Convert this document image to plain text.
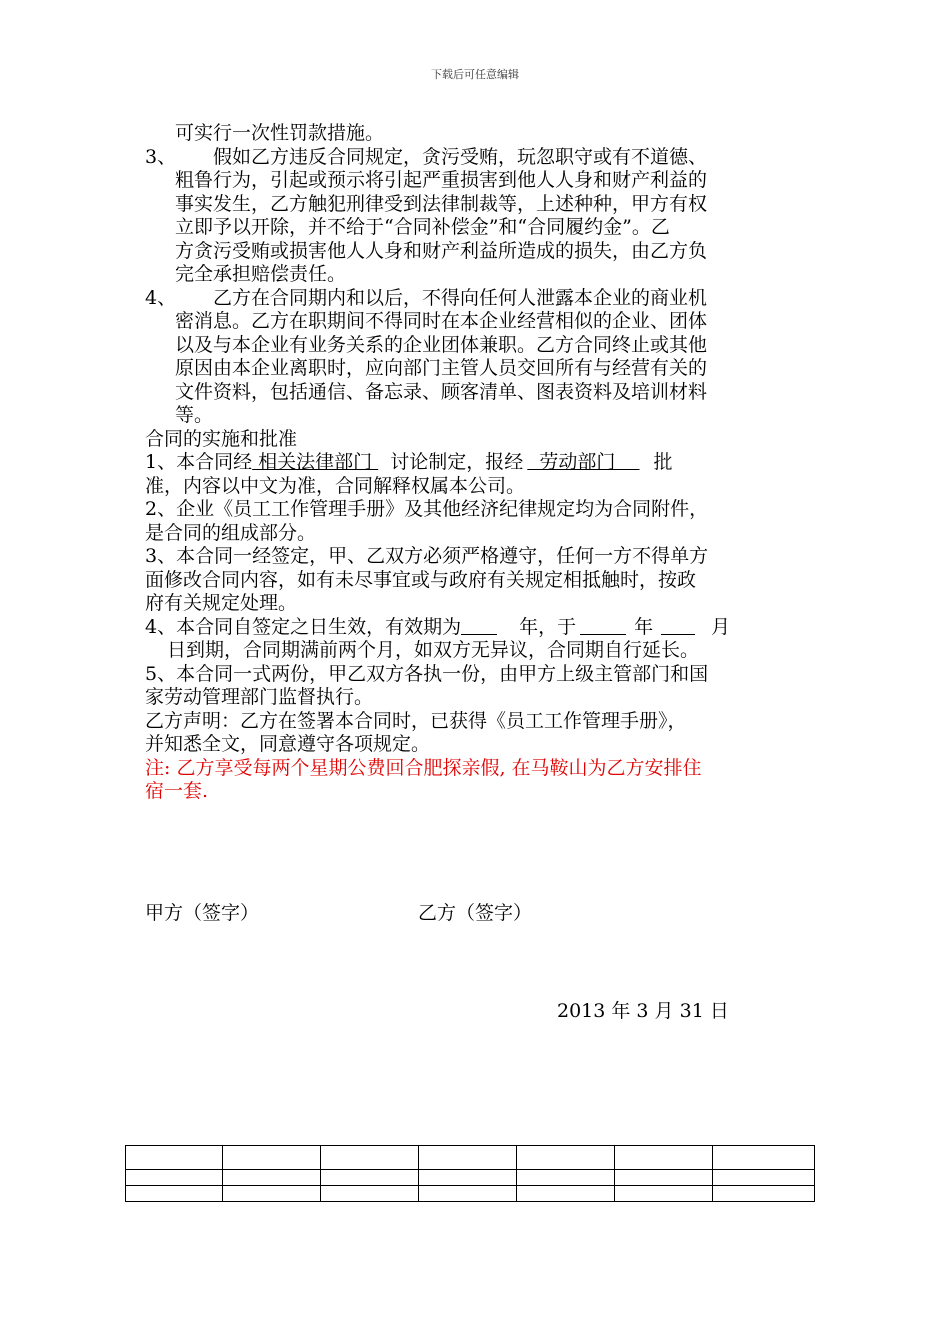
下载后可任意编辑
可实行一次性罚款措施。
3、 假如乙方违反合同规定，贪污受贿，玩忽职守或有不道德、
粗鲁行为，引起或预示将引起严重损害到他人人身和财产利益的
事实发生，乙方触犯刑律受到法律制裁等，上述种种，甲方有权
立即予以开除，并不给于“合同补偿金”和“合同履约金”。乙
方贪污受贿或损害他人人身和财产利益所造成的损失，由乙方负
完全承担赔偿责任。
4、 乙方在合同期内和以后，不得向任何人泄露本企业的商业机
密消息。乙方在职期间不得同时在本企业经营相似的企业、团体
以及与本企业有业务关系的企业团体兼职。乙方合同终止或其他
原因由本企业离职时，应向部门主管人员交回所有与经营有关的
文件资料，包括通信、备忘录、顾客清单、图表资料及培训材料
等。
合同的实施和批准
1、本合同经 相关法律部门   讨论制定，报经  劳动部门    批
准，内容以中文为准，合同解释权属本公司。
2、企业《员工工作管理手册》及其他经济纪律规定均为合同附件，
是合同的组成部分。
3、本合同一经签定，甲、乙双方必须严格遵守，任何一方不得单方
面修改合同内容，如有未尽事宜或与政府有关规定相抵触时，按政
府有关规定处理。
4、本合同自签定之日生效，有效期为	年，于	年	月
日到期，合同期满前两个月，如双方无异议，合同期自行延长。
5、本合同一式两份，甲乙双方各执一份，由甲方上级主管部门和国
家劳动管理部门监督执行。
乙方声明：乙方在签署本合同时，已获得《员工工作管理手册》，
并知悉全文，同意遵守各项规定。
注: 乙方享受每两个星期公费回合肥探亲假, 在马鞍山为乙方安排住
宿一套.
甲方（签字）	乙方（签字）
2013 年 3 月 31 日
